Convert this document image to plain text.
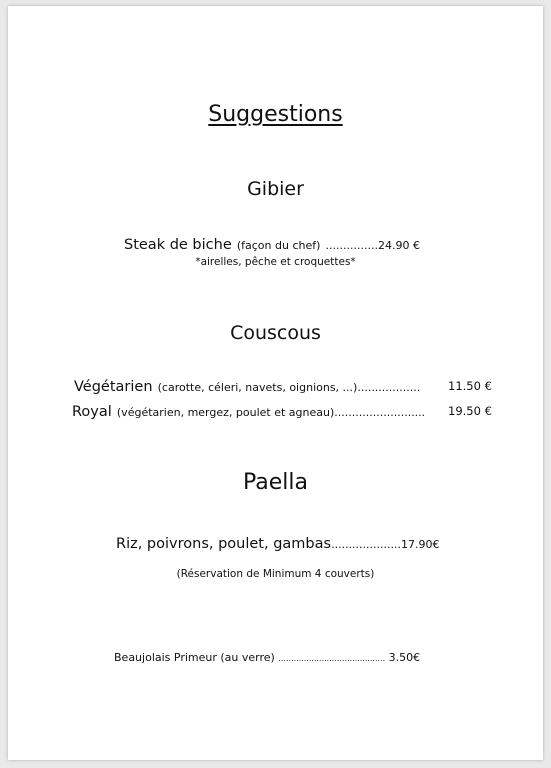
Suggestions
Gibier
Steak de biche (façon du chef) ...............24.90 €
*airelles, pêche et croquettes*
Couscous
Végétarien (carotte, céleri, navets, oignions, ...).................. 11.50 €
Royal (végétarien, mergez, poulet et agneau).......................... 19.50 €
Paella
Riz, poivrons, poulet, gambas....................17.90€
(Réservation de Minimum 4 couverts)
Beaujolais Primeur (au verre) .......................................... 3.50€
